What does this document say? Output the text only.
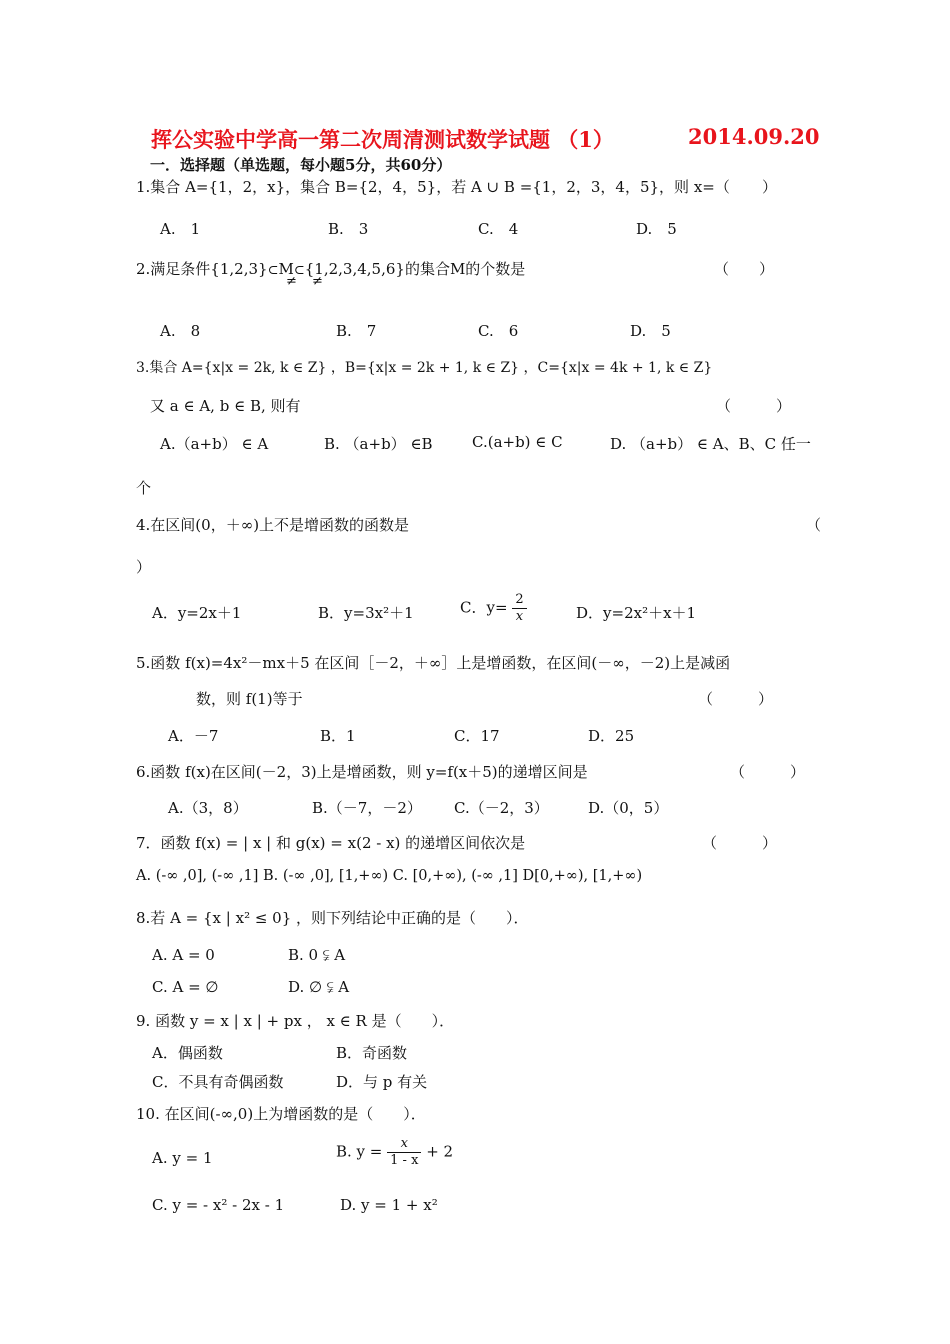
挥公实验中学高一第二次周清测试数学试题 （1）	2014.09.20
一．选择题（单选题，每小题5分，共60分）
1.集合 A={1，2，x}，集合 B={2，4，5}，若 A ∪ B ={1，2，3，4，5}，则 x=（ ）
A.　1	B.　3	C.　4	D.　5
2.满足条件{1,2,3}⊂M⊂{1,2,3,4,5,6}的集合M的个数是
≠ ≠
（　　）
A.　8	B.　7	C.　6	D.　5
3.集合 A={x|x = 2k, k ∈ Z} ，B={x|x = 2k + 1, k ∈ Z} ，C={x|x = 4k + 1, k ∈ Z}
又 a ∈ A, b ∈ B, 则有	（　　　）
A.（a+b） ∈ A	B. （a+b） ∈B	C.(a+b) ∈ C	D. （a+b） ∈ A、B、C 任一
个
4.在区间(0，＋∞)上不是增函数的函数是	（
）
A．y=2x＋1	B．y=3x²＋1	C．$y= \frac{2}{x}$	D．y=2x²＋x＋1
5.函数 f(x)=4x²－mx＋5 在区间［－2，＋∞］上是增函数，在区间(－∞，－2)上是减函
数，则 f(1)等于	（　　　）
A．－7	B．1	C．17	D．25
6.函数 f(x)在区间(－2，3)上是增函数，则 y=f(x＋5)的递增区间是	（　　　）
A.（3，8）	B.（－7，－2） C.（－2，3）	D.（0，5）
7．函数 f(x) = | x | 和 g(x) = x(2 - x) 的递增区间依次是	（　　　）
A. (-∞ ,0], (-∞ ,1] B. (-∞ ,0], [1,+∞) C. [0,+∞), (-∞ ,1] D[0,+∞), [1,+∞)
8.若 A = {x | x² ≤ 0} ，则下列结论中正确的是（　　）．
A. A = 0	B. 0 ⫋ A
C. A = ∅	D. ∅ ⫋ A
9. 函数 y = x | x | + px ， x ∈ R 是（　　）．
A．偶函数	B．奇函数
C．不具有奇偶函数	D．与 p 有关
10. 在区间(-∞,0)上为增函数的是（　　）．
A. y = 1	B. $y = \frac{x}{1 - x} + 2$
C. y = - x² - 2x - 1	D. y = 1 + x²
